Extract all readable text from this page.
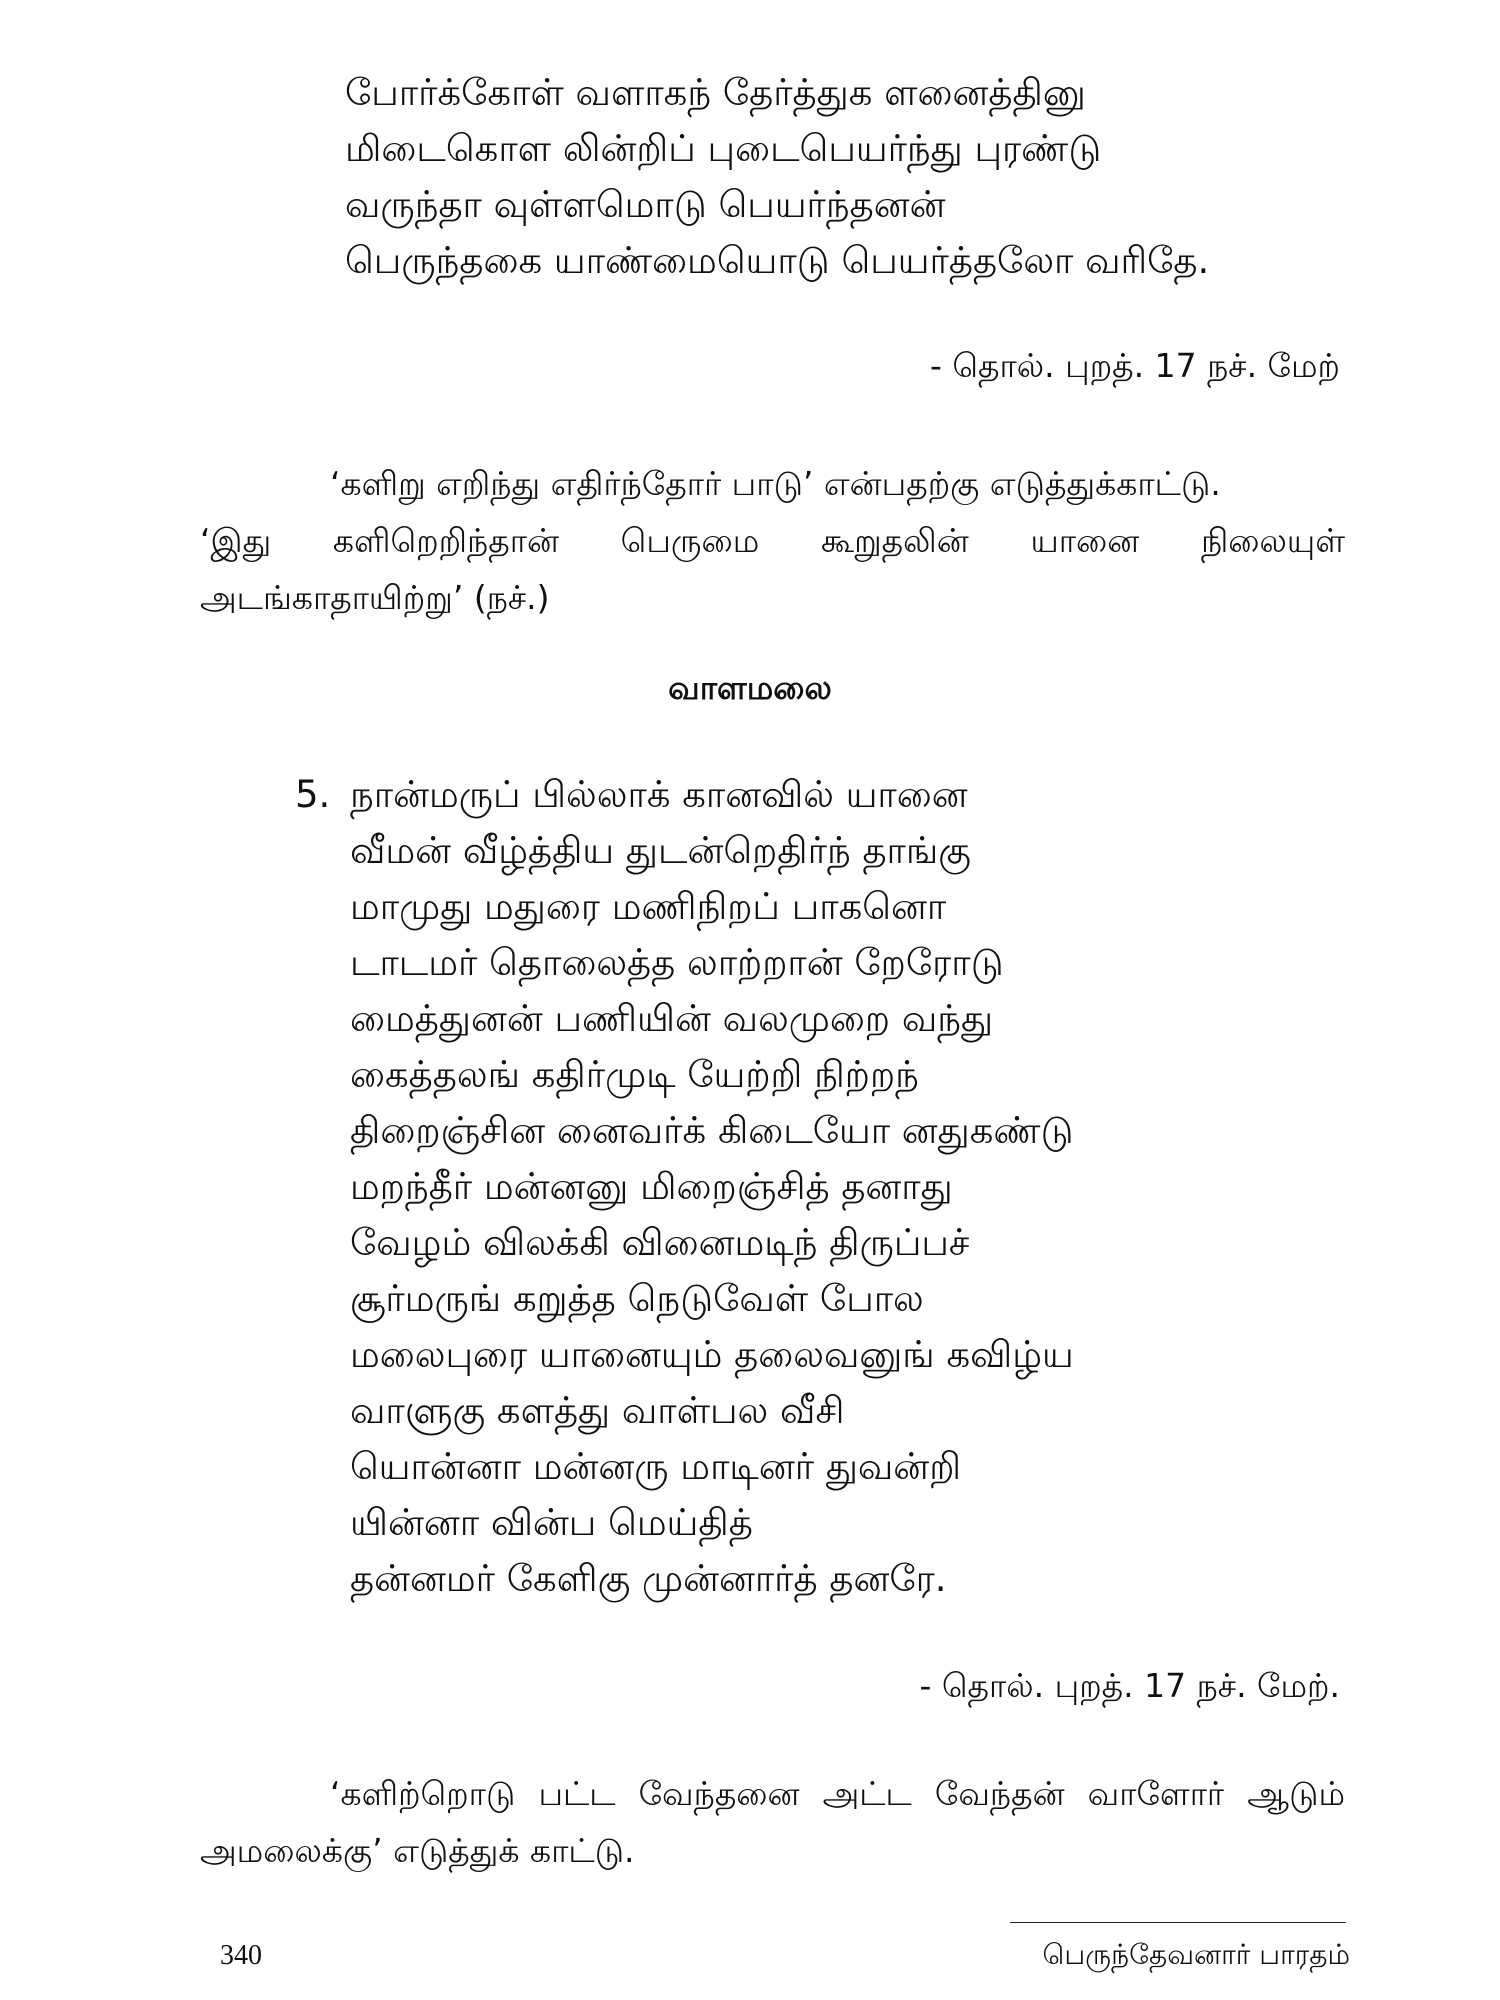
போர்க்கோள் வளாகந் தேர்த்துக ளனைத்தினு
மிடைகொள லின்றிப் புடைபெயர்ந்து புரண்டு
வருந்தா வுள்ளமொடு பெயர்ந்தனன்
பெருந்தகை யாண்மையொடு பெயர்த்தலோ வரிதே.
- தொல். புறத். 17 நச். மேற்
‘களிறு எறிந்து எதிர்ந்தோர் பாடு’ என்பதற்கு எடுத்துக்காட்டு.
‘இது களிறெறிந்தான் பெருமை கூறுதலின் யானை நிலையுள் அடங்காதாயிற்று’ (நச்.)
வாளமலை
5. நான்மருப் பில்லாக் கானவில் யானை
வீமன் வீழ்த்திய துடன்றெதிர்ந் தாங்கு
மாமுது மதுரை மணிநிறப் பாகனொ
டாடமர் தொலைத்த லாற்றான் றேரோடு
மைத்துனன் பணியின் வலமுறை வந்து
கைத்தலங் கதிர்முடி யேற்றி நிற்றந்
திறைஞ்சின னைவர்க் கிடையோ னதுகண்டு
மறந்தீர் மன்னனு மிறைஞ்சித் தனாது
வேழம் விலக்கி வினைமடிந் திருப்பச்
சூர்மருங் கறுத்த நெடுவேள் போல
மலைபுரை யானையும் தலைவனுங் கவிழ்ய
வாளுகு களத்து வாள்பல வீசி
யொன்னா மன்னரு மாடினர் துவன்றி
யின்னா வின்ப மெய்தித்
தன்னமர் கேளிகு முன்னார்த் தனரே.
- தொல். புறத். 17 நச். மேற்.
‘களிற்றொடு பட்ட வேந்தனை அட்ட வேந்தன் வாளோர் ஆடும் அமலைக்கு’ எடுத்துக் காட்டு.
340	பெருந்தேவனார் பாரதம்
